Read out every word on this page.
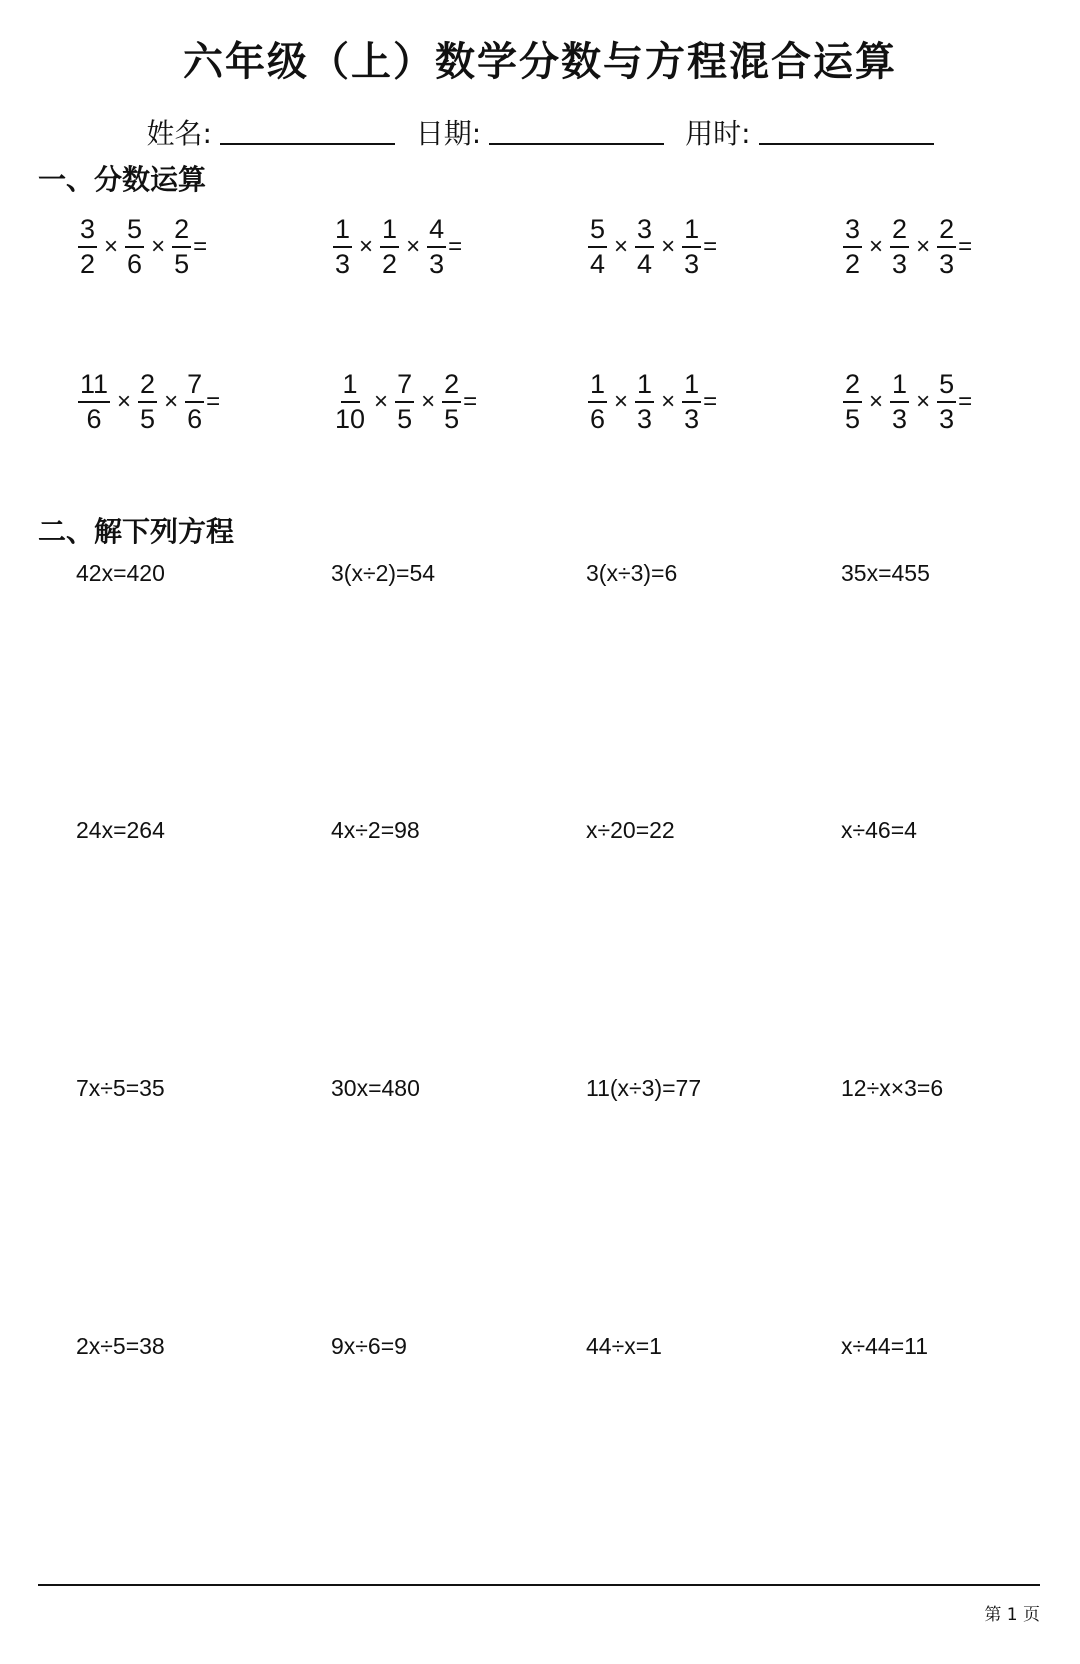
六年级（上）数学分数与方程混合运算
姓名:	日期:	用时:
一、分数运算
$\frac{3}{2} \times \frac{5}{6} \times \frac{2}{5}$ =	$\frac{1}{3} \times \frac{1}{2} \times \frac{4}{3}$ =	$\frac{5}{4} \times \frac{3}{4} \times \frac{1}{3}$ =	$\frac{3}{2} \times \frac{2}{3} \times \frac{2}{3}$ =
$\frac{11}{6} \times \frac{2}{5} \times \frac{7}{6}$ =	$\frac{1}{10} \times \frac{7}{5} \times \frac{2}{5}$ =	$\frac{1}{6} \times \frac{1}{3} \times \frac{1}{3}$ =	$\frac{2}{5} \times \frac{1}{3} \times \frac{5}{3}$ =
二、解下列方程
42x=420	3(x÷2)=54	3(x÷3)=6	35x=455
24x=264	4x÷2=98	x÷20=22	x÷46=4
7x÷5=35	30x=480	11(x÷3)=77	12÷x×3=6
2x÷5=38	9x÷6=9	44÷x=1	x÷44=11
第 1 页
